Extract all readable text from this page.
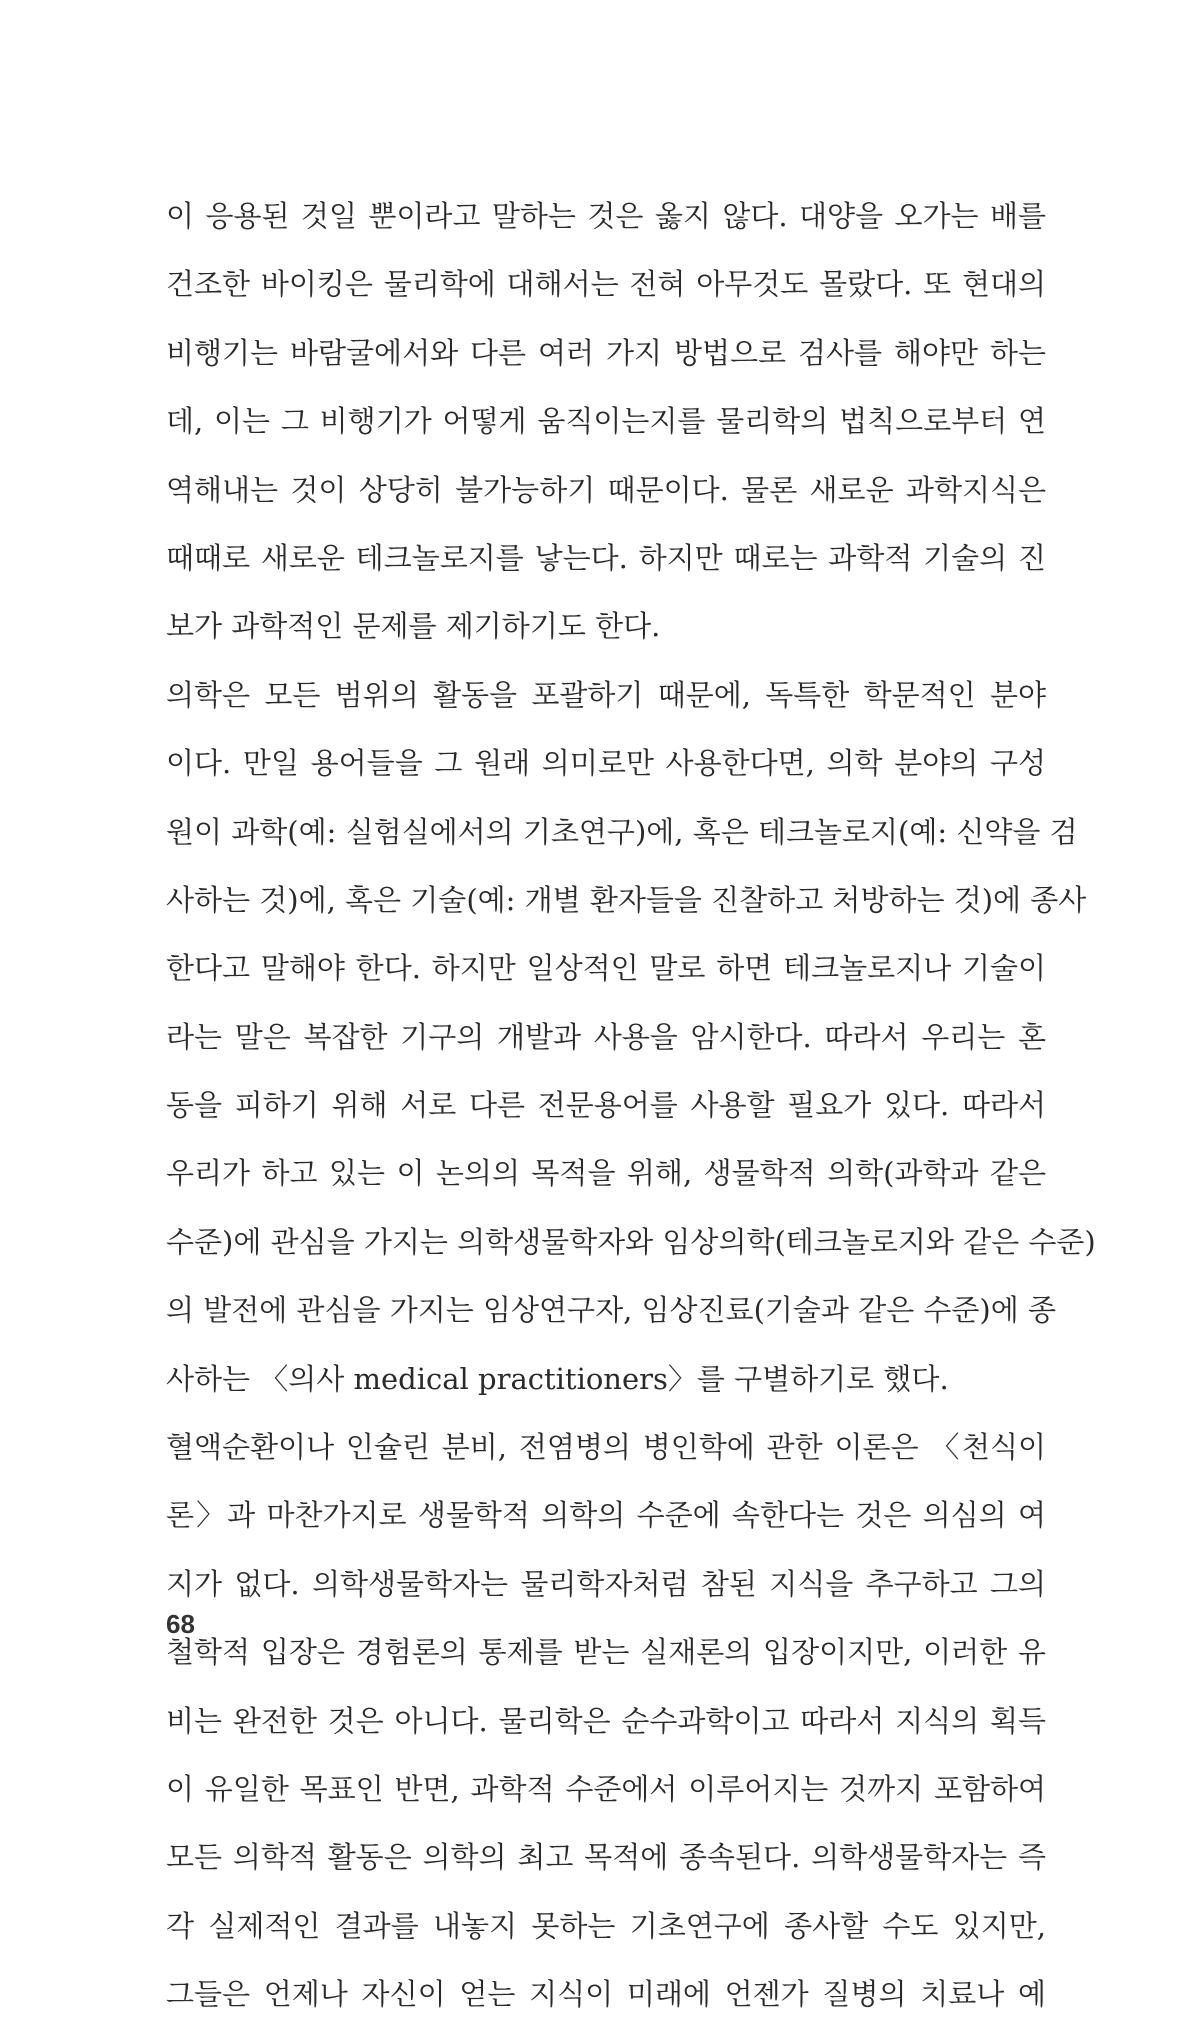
이 응용된 것일 뿐이라고 말하는 것은 옳지 않다. 대양을 오가는 배를
건조한 바이킹은 물리학에 대해서는 전혀 아무것도 몰랐다. 또 현대의
비행기는 바람굴에서와 다른 여러 가지 방법으로 검사를 해야만 하는
데, 이는 그 비행기가 어떻게 움직이는지를 물리학의 법칙으로부터 연
역해내는 것이 상당히 불가능하기 때문이다. 물론 새로운 과학지식은
때때로 새로운 테크놀로지를 낳는다. 하지만 때로는 과학적 기술의 진
보가 과학적인 문제를 제기하기도 한다.
의학은 모든 범위의 활동을 포괄하기 때문에, 독특한 학문적인 분야
이다. 만일 용어들을 그 원래 의미로만 사용한다면, 의학 분야의 구성
원이 과학(예: 실험실에서의 기초연구)에, 혹은 테크놀로지(예: 신약을 검
사하는 것)에, 혹은 기술(예: 개별 환자들을 진찰하고 처방하는 것)에 종사
한다고 말해야 한다. 하지만 일상적인 말로 하면 테크놀로지나 기술이
라는 말은 복잡한 기구의 개발과 사용을 암시한다. 따라서 우리는 혼
동을 피하기 위해 서로 다른 전문용어를 사용할 필요가 있다. 따라서
우리가 하고 있는 이 논의의 목적을 위해, 생물학적 의학(과학과 같은
수준)에 관심을 가지는 의학생물학자와 임상의학(테크놀로지와 같은 수준)
의 발전에 관심을 가지는 임상연구자, 임상진료(기술과 같은 수준)에 종
사하는 〈의사 medical practitioners〉를 구별하기로 했다.
혈액순환이나 인슐린 분비, 전염병의 병인학에 관한 이론은 〈천식이
론〉과 마찬가지로 생물학적 의학의 수준에 속한다는 것은 의심의 여
지가 없다. 의학생물학자는 물리학자처럼 참된 지식을 추구하고 그의
철학적 입장은 경험론의 통제를 받는 실재론의 입장이지만, 이러한 유
비는 완전한 것은 아니다. 물리학은 순수과학이고 따라서 지식의 획득
이 유일한 목표인 반면, 과학적 수준에서 이루어지는 것까지 포함하여
모든 의학적 활동은 의학의 최고 목적에 종속된다. 의학생물학자는 즉
각 실제적인 결과를 내놓지 못하는 기초연구에 종사할 수도 있지만,
그들은 언제나 자신이 얻는 지식이 미래에 언젠가 질병의 치료나 예
68
